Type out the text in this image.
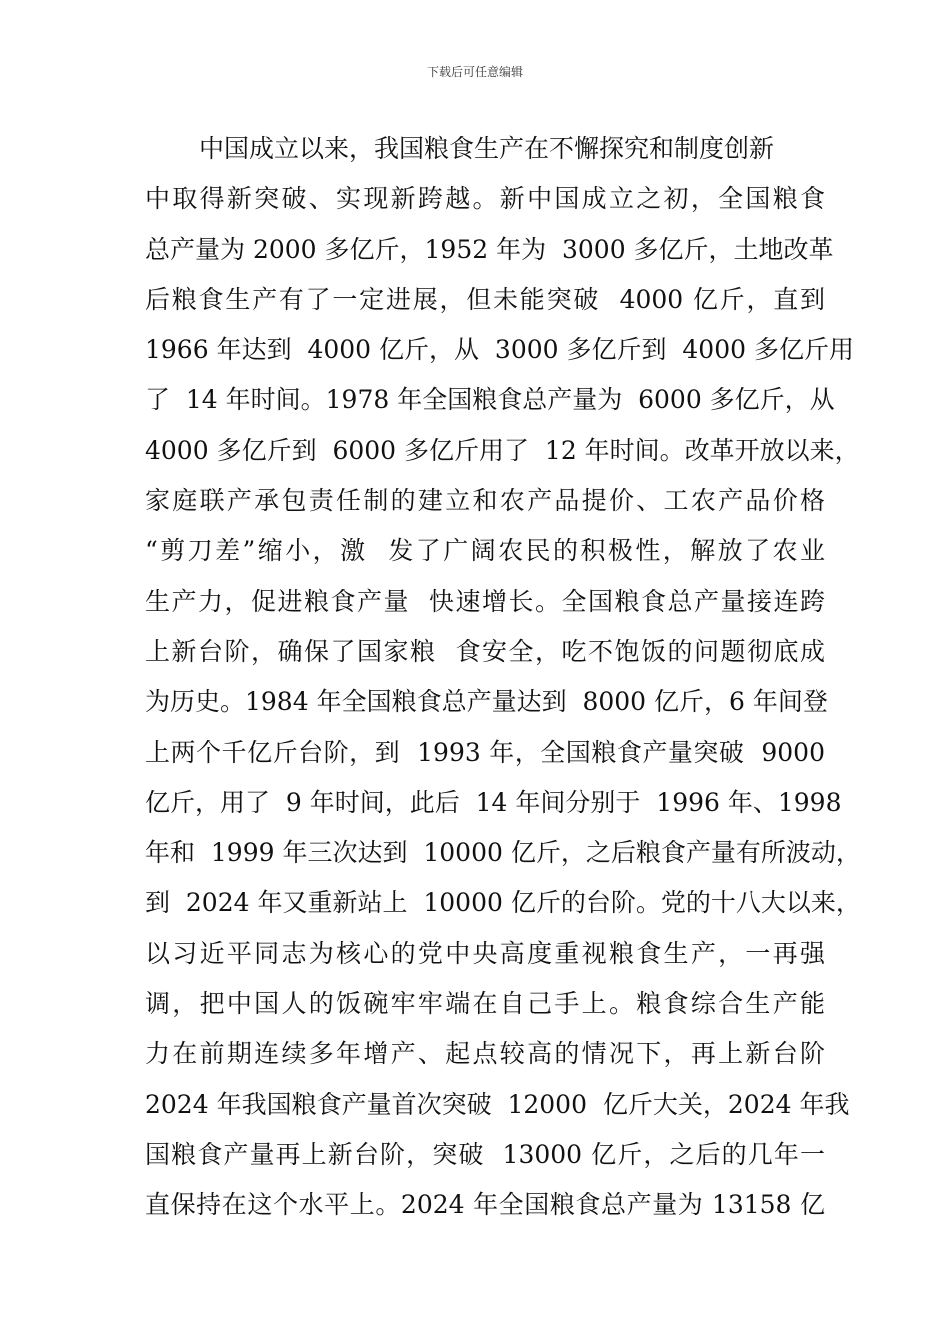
下载后可任意编辑
中国成立以来，我国粮食生产在不懈探究和制度创新
中取得新突破、实现新跨越。新中国成立之初，全国粮食
总产量为 2000 多亿斤，1952 年为  3000 多亿斤，土地改革
后粮食生产有了一定进展，但未能突破  4000 亿斤，直到
1966 年达到  4000 亿斤，从  3000 多亿斤到  4000 多亿斤用
了  14 年时间。1978 年全国粮食总产量为  6000 多亿斤，从
4000 多亿斤到  6000 多亿斤用了  12 年时间。改革开放以来，
家庭联产承包责任制的建立和农产品提价、工农产品价格
“剪刀差”缩小，激  发了广阔农民的积极性，解放了农业
生产力，促进粮食产量  快速增长。全国粮食总产量接连跨
上新台阶，确保了国家粮  食安全，吃不饱饭的问题彻底成
为历史。1984 年全国粮食总产量达到  8000 亿斤，6 年间登
上两个千亿斤台阶，到  1993 年，全国粮食产量突破  9000
亿斤，用了  9 年时间，此后  14 年间分别于  1996 年、1998
年和  1999 年三次达到  10000 亿斤，之后粮食产量有所波动，
到  2024 年又重新站上  10000 亿斤的台阶。党的十八大以来，
以习近平同志为核心的党中央高度重视粮食生产，一再强
调，把中国人的饭碗牢牢端在自己手上。粮食综合生产能
力在前期连续多年增产、起点较高的情况下，再上新台阶
2024 年我国粮食产量首次突破  12000  亿斤大关，2024 年我
国粮食产量再上新台阶，突破  13000 亿斤，之后的几年一
直保持在这个水平上。2024 年全国粮食总产量为 13158 亿
